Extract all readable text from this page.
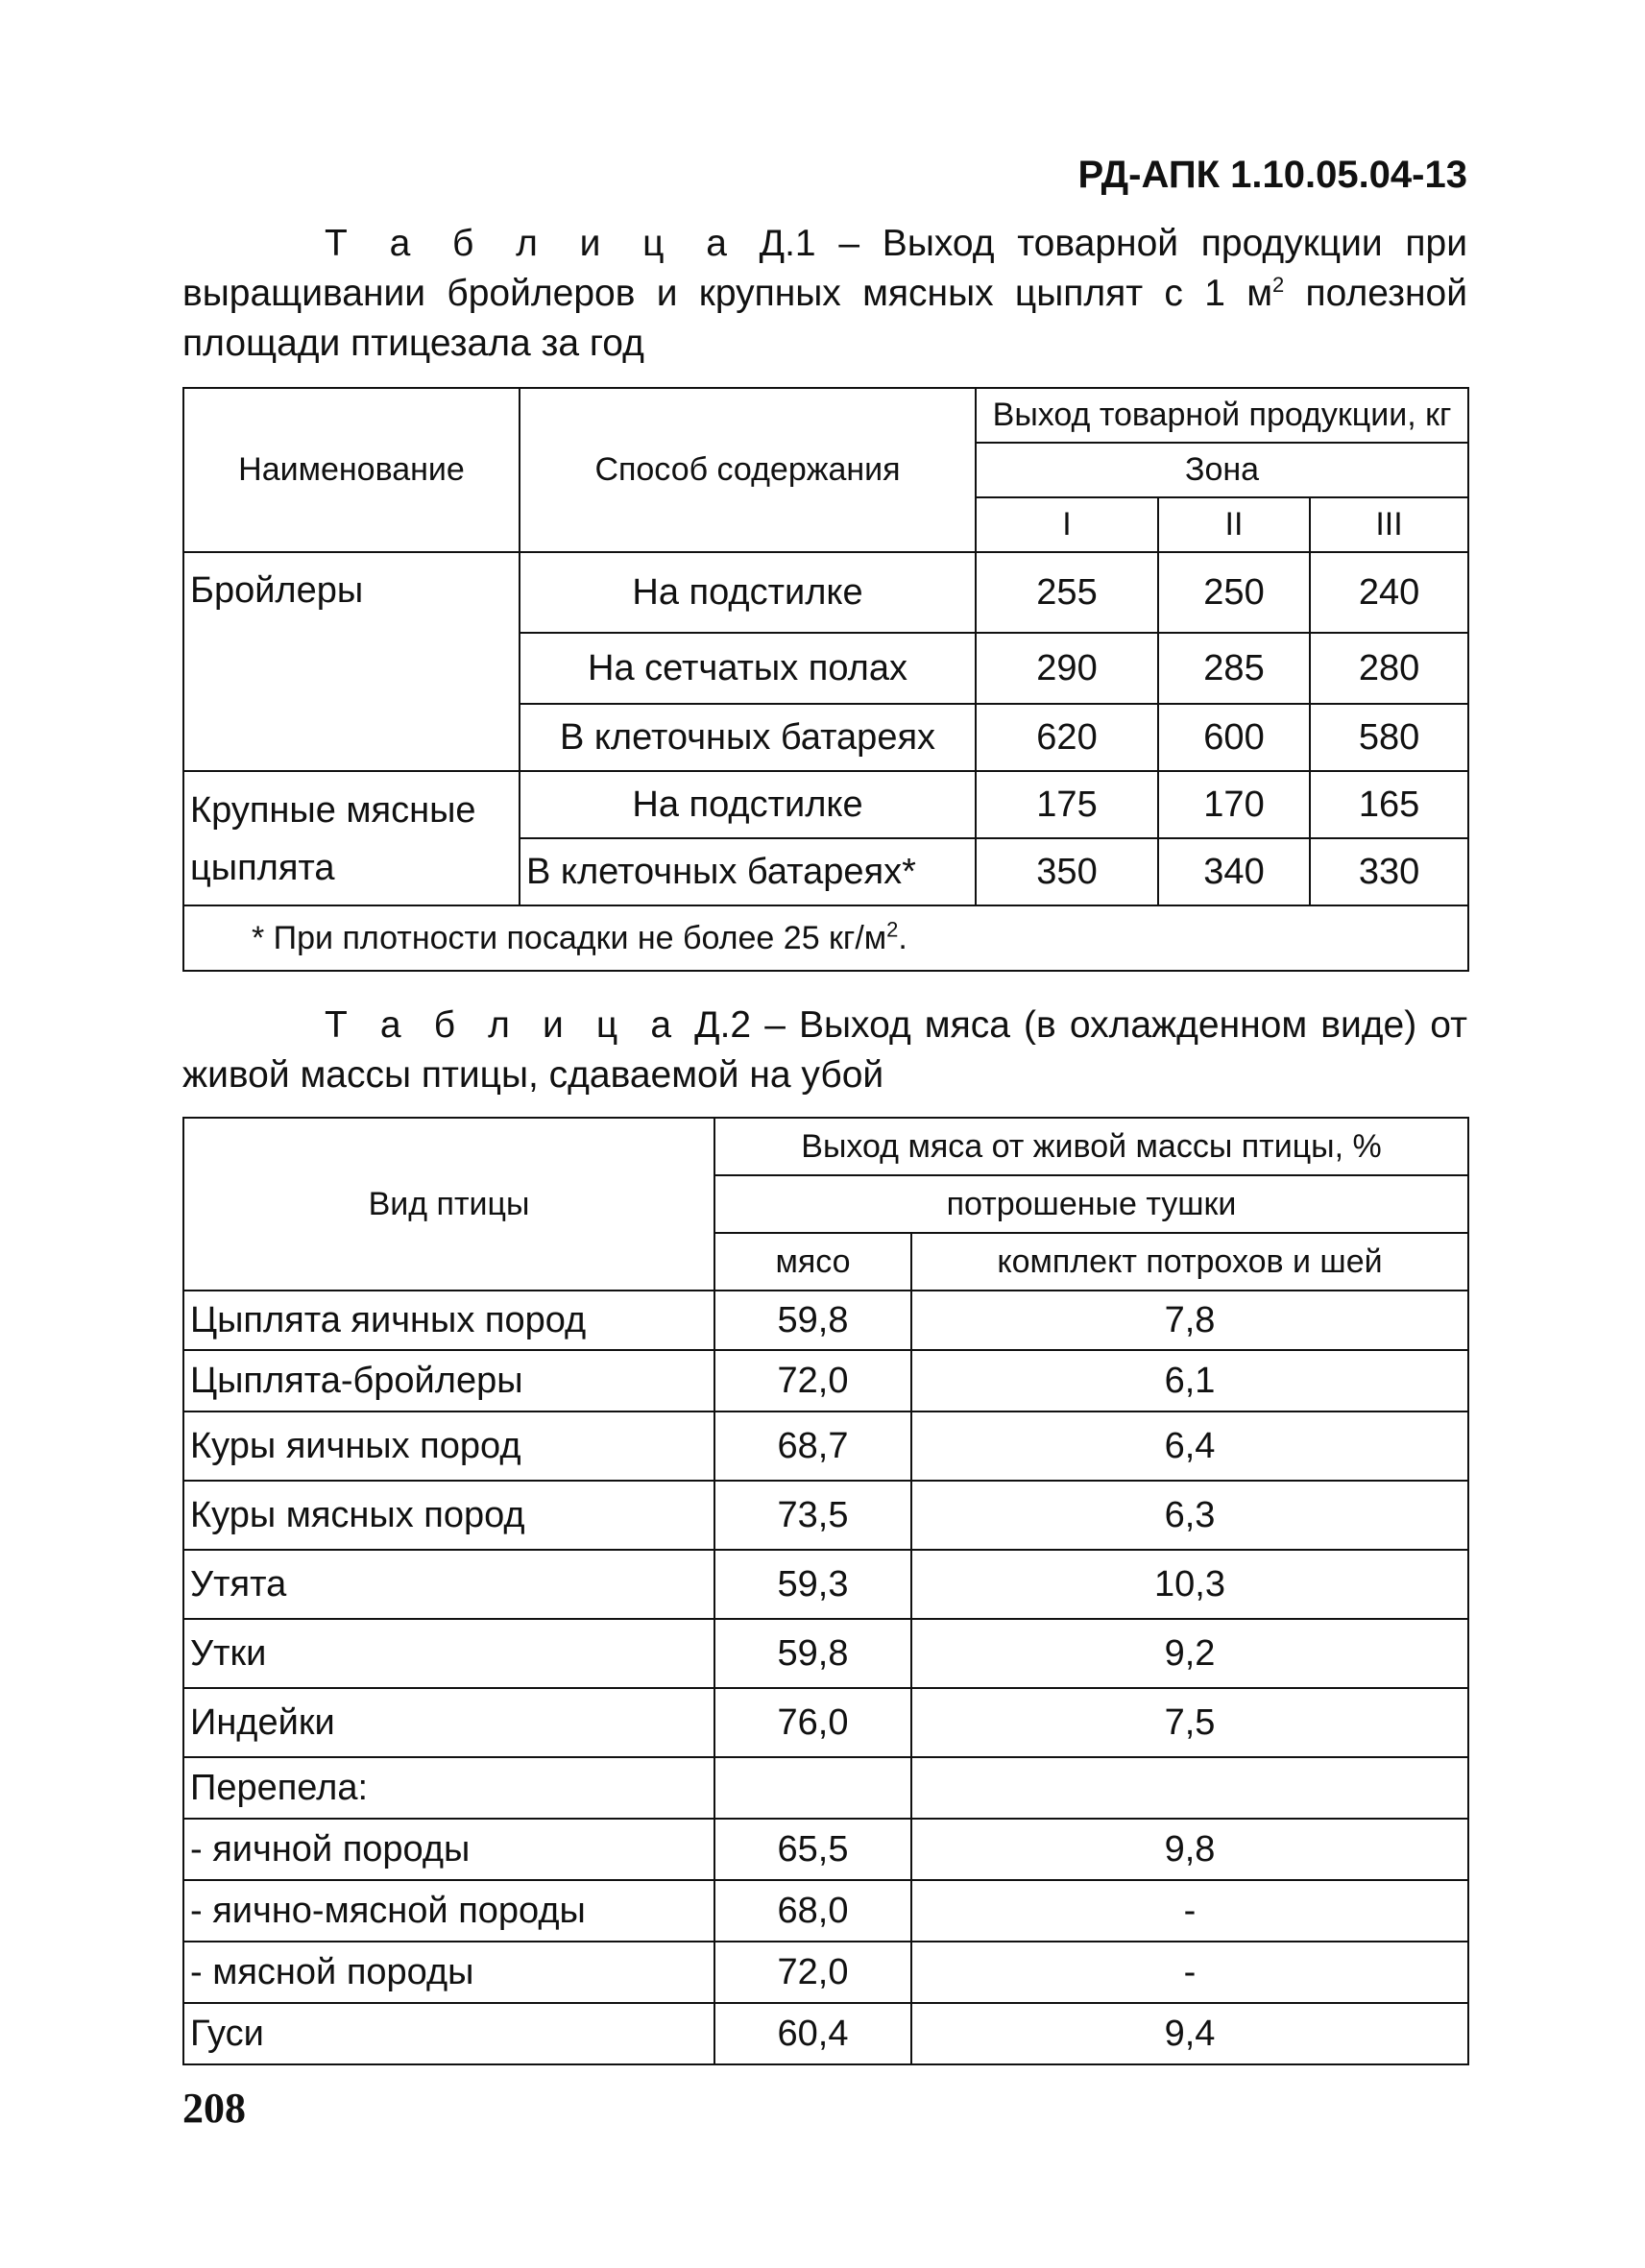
РД-АПК 1.10.05.04-13
Т а б л и ц а Д.1 – Выход товарной продукции при выращивании бройлеров и крупных мясных цыплят с 1 $м^2$ полезной площади птицезала за год
Наименование	Способ содержания	Выход товарной продукции, кг		
		Зона		
		I	II	III
Бройлеры	На подстилке	255	250	240
	На сетчатых полах	290	285	280
	В клеточных батареях	620	600	580
Крупные мясные цыплята	На подстилке	175	170	165
	В клеточных батареях*	350	340	330
* При плотности посадки не более 25 $кг/м^2$.				
Т а б л и ц а Д.2 – Выход мяса (в охлажденном виде) от живой массы птицы, сдаваемой на убой
Вид птицы	Выход мяса от живой массы птицы, %	
	потрошеные тушки	
	мясо	комплект потрохов и шей
Цыплята яичных пород	59,8	7,8
Цыплята-бройлеры	72,0	6,1
Куры яичных пород	68,7	6,4
Куры мясных пород	73,5	6,3
Утята	59,3	10,3
Утки	59,8	9,2
Индейки	76,0	7,5
Перепела:		
- яичной породы	65,5	9,8
- яично-мясной породы	68,0	-
- мясной породы	72,0	-
Гуси	60,4	9,4
208
